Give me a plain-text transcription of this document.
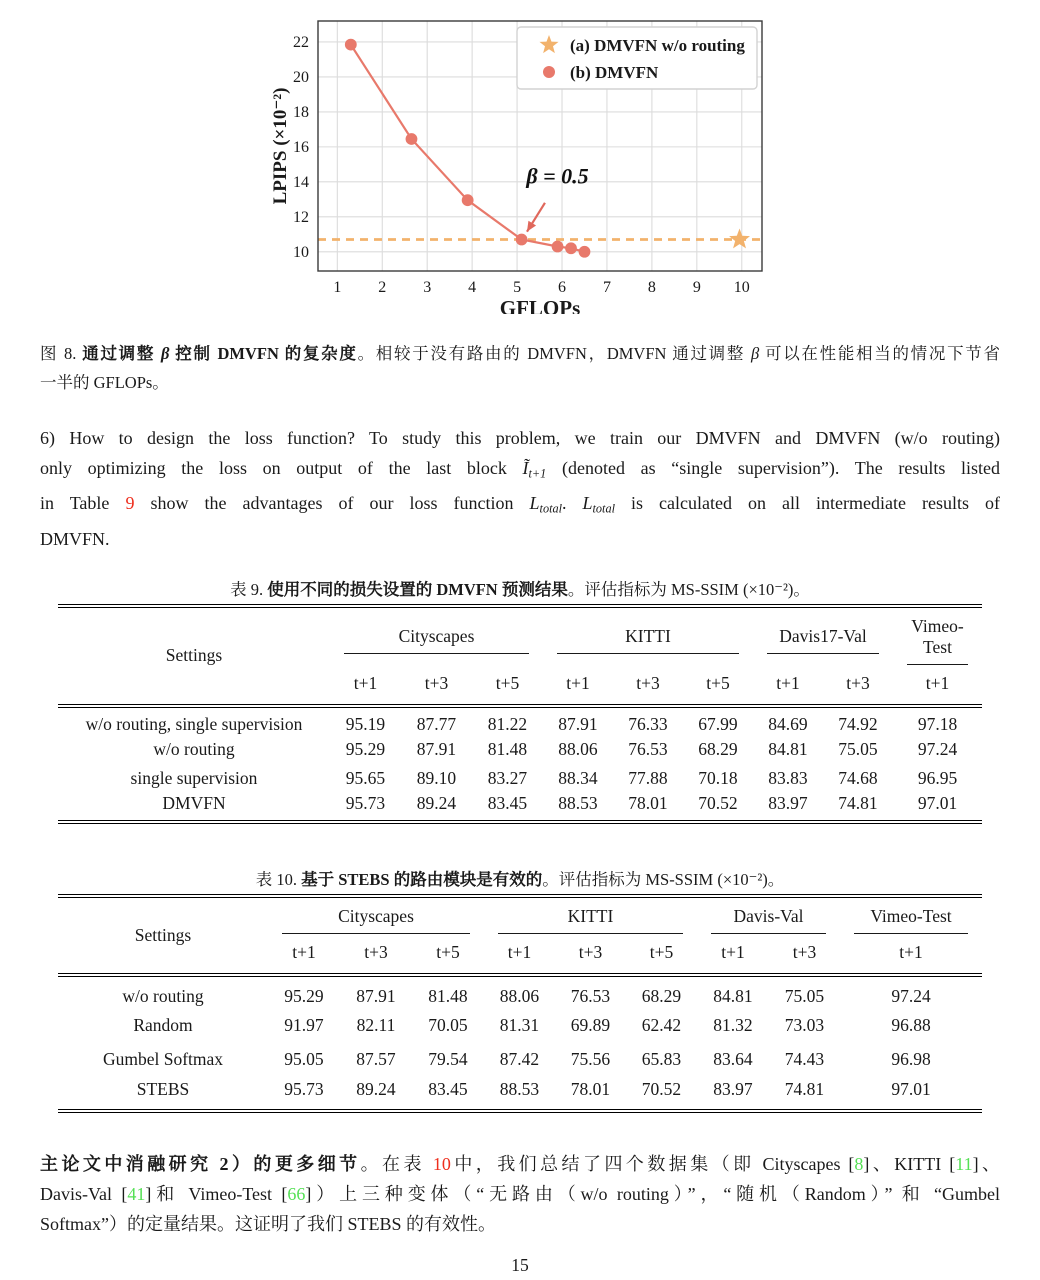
1 2 3 4 5 6 7 8 9 10
10
12
14
16
18
20
22
GFLOPs
LPIPS (×10⁻²)
(a) DMVFN w/o routing
(b) DMVFN
β = 0.5
图 8. 通过调整 β 控制 DMVFN 的复杂度。相较于没有路由的 DMVFN，DMVFN 通过调整 β 可以在性能相当的情况下节省
一半的 GFLOPs。
6) How to design the loss function? To study this problem, we train our DMVFN and DMVFN (w/o routing)
only optimizing the loss on output of the last block Ĩt+1 (denoted as “single supervision”). The results listed
in Table 9 show the advantages of our loss function Ltotal. Ltotal is calculated on all intermediate results of
DMVFN.
表 9. 使用不同的损失设置的 DMVFN 预测结果。评估指标为 MS-SSIM (×10⁻²)。
Settings	Cityscapes			KITTI			Davis17-Val		Vimeo-Test

	t+1	t+3	t+5	t+1	t+3	t+5	t+1	t+3	t+1
w/o routing, single supervision	95.19	87.77	81.22	87.91	76.33	67.99	84.69	74.92	97.18
w/o routing	95.29	87.91	81.48	88.06	76.53	68.29	84.81	75.05	97.24
single supervision	95.65	89.10	83.27	88.34	77.88	70.18	83.83	74.68	96.95
DMVFN	95.73	89.24	83.45	88.53	78.01	70.52	83.97	74.81	97.01
表 10. 基于 STEBS 的路由模块是有效的。评估指标为 MS-SSIM (×10⁻²)。
Settings	Cityscapes			KITTI			Davis-Val		Vimeo-Test

	t+1	t+3	t+5	t+1	t+3	t+5	t+1	t+3	t+1
w/o routing	95.29	87.91	81.48	88.06	76.53	68.29	84.81	75.05	97.24
Random	91.97	82.11	70.05	81.31	69.89	62.42	81.32	73.03	96.88
Gumbel Softmax	95.05	87.57	79.54	87.42	75.56	65.83	83.64	74.43	96.98
STEBS	95.73	89.24	83.45	88.53	78.01	70.52	83.97	74.81	97.01
主论文中消融研究 2）的更多细节。在表 10中，我们总结了四个数据集（即 Cityscapes [8]、KITTI [11]、
Davis-Val [41]和 Vimeo-Test [66]）上三种变体（“无路由（w/o routing）”，“随机（Random）” 和 “Gumbel
Softmax”）的定量结果。这证明了我们 STEBS 的有效性。
15
